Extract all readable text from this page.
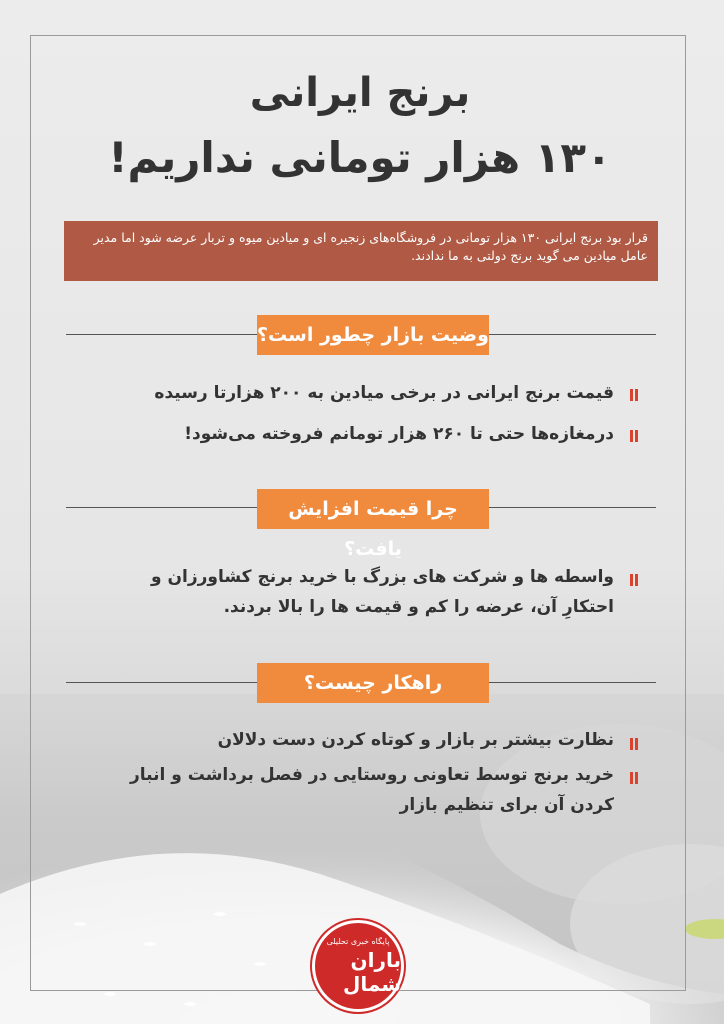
برنج ایرانی
۱۳۰ هزار تومانی نداریم!
قرار بود برنج ایرانی ۱۳۰ هزار تومانی در فروشگاه‌های زنجیره ای و میادین میوه و تربار عرضه شود اما مدیر عامل میادین می گوید برنج دولتی به ما ندادند.
وضیت بازار چطور است؟
قیمت برنج ایرانی در برخی میادین به ۲۰۰ هزارتا رسیده
درمغازه‌ها حتی تا ۲۶۰ هزار تومانم فروخته می‌شود!
چرا قیمت افزایش یافت؟
واسطه ها و شرکت های بزرگ با خرید برنج کشاورزان و احتکارِ آن، عرضه را کم و قیمت ها را بالا بردند.
راهکار چیست؟
نظارت بیشتر بر بازار و کوتاه کردن دست دلالان
خرید برنج توسط تعاونی روستایی در فصل برداشت و انبار کردن آن برای تنظیم بازار
پایگاه خبری تحلیلی
باران شمال
